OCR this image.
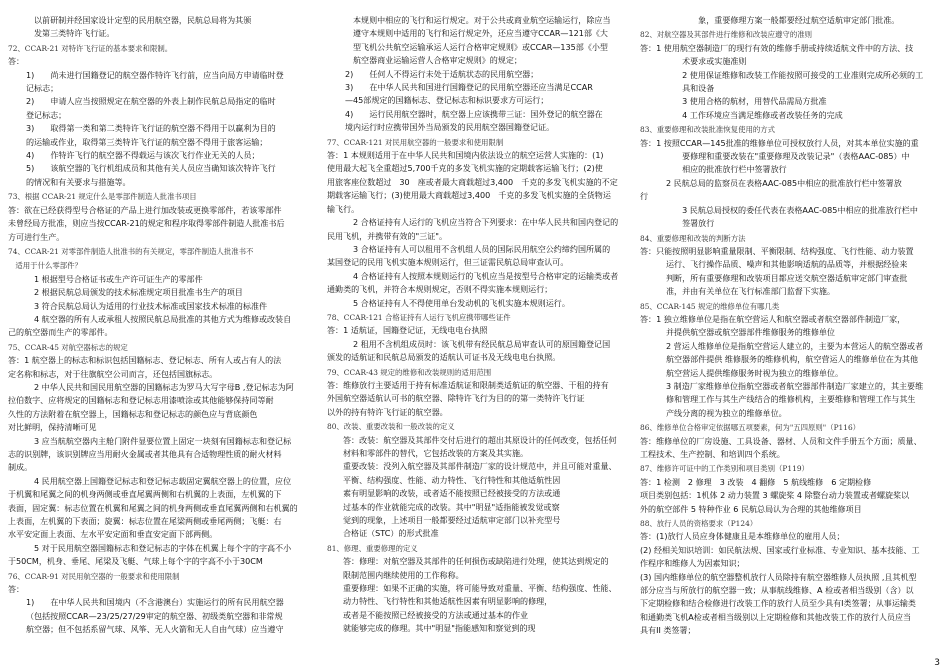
以前研制并经国家设计定型的民用航空器，民航总局将为其颁

发第三类特许飞行证。

72、CCAR-21 对特许飞行证的基本要求和限制。

答：

1)　　尚未进行国籍登记的航空器作特许飞行前，应当向局方申请临时登

记标志；

2)　　申请人应当按照规定在航空器的外表上制作民航总局指定的临时

登记标志；

3)　　取得第一类和第二类特许飞行证的航空器不得用于以赢利为目的

的运输或作业，取得第三类特许飞行证的航空器不得用于旅客运输；

4)　　作特许飞行的航空器不得载运与该次飞行作业无关的人员；

5)　　该航空器的飞行机组成员和其他有关人员应当确知该次特许飞行

的情况和有关要求与措施等。

73、根据 CCAR-21 规定什么是零部件制造人批准书项目

答：欲在已经获得型号合格证的产品上进行加改装或更换零部件，若该零部件

未曾经局方批准，则应当按CCAR-21的规定和程序取得零部件制造人批准书后

方可进行生产。

74、CCAR-21 对零部件制造人批准书的有关规定，零部件制造人批准书不

　适用于什么零部件？

1 根据型号合格证书或生产许可证生产的零部件

2 根据民航总局颁发的技术标准规定项目批准书生产的项目

3 符合民航总局认为适用的行业技术标准或国家技术标准的标准件

4 航空器的所有人或承租人按照民航总局批准的其他方式为维修或改装自

己的航空器而生产的零部件。

75、CCAR-45 对航空器标志的规定

答：1 航空器上的标志和标识包括国籍标志、登记标志、所有人或占有人的法

定名称和标志，对于往旗航空公司而言，还包括国旗标志。

2 中华人民共和国民用航空器的国籍标志为罗马大写字母B ,登记标志为阿

拉伯数字、应将规定的国籍标志和登记标志用漆喷涂或其他能够保持同等耐

久性的方法附着在航空器上，国籍标志和登记标志的颜色应与背底颜色

对比鲜明，保持清晰可见

3 应当航航空器内主舱门附件显要位置上固定一块刻有国籍标志和登记标

志的识别牌，该识别牌应当用耐火金属或者其他具有合适物理性质的耐火材料

制成。

4 民用航空器上国籍登记标志和登记标志载固定翼航空器上的位置，应位

于机翼和尾翼之间的机身两侧或垂直尾翼两侧和右机翼的上表面，左机翼的下

表面，固定翼：标志位置在机翼和尾翼之间的机身两侧或垂直尾翼两侧和右机翼的

上表面，左机翼的下表面；旋翼：标志位置在尾梁两侧或垂尾两侧；飞艇：右

水平安定面上表面、左水平安定面和垂直安定面下部两侧。

5 对于民用航空器国籍标志和登记标志的字体在机翼上每个字的字高不小

于50CM，机身、垂尾、尾梁及飞艇、气球上每个字的字高不小于30CM

76、CCAR-91 对民用航空器的一般要求和使用限制

答：

1)　　在中华人民共和国境内（不含港澳台）实施运行的所有民用航空器

（包括按照CCAR—23/25/27/29审定的航空器、初级类航空器和非常规

航空器；但不包括系留气球、风筝、无人火箭和无人自由气球）应当遵守

本规则中相应的飞行和运行规定。对于公共或商业航空运输运行，除应当

遵守本规则中适用的飞行和运行规定外，还应当遵守CCAR—121部《大

型飞机公共航空运输承运人运行合格审定规则》或CCAR—135部《小型

航空器商业运输运营人合格审定规则》的规定；

2)　　任何人不得运行未处于适航状态的民用航空器；

3)　　在中华人民共和国进行国籍登记的民用航空器还应当满足CCAR

—45部规定的国籍标志、登记标志和标识要求方可运行；

4)　　运行民用航空器时，航空器上应该携带三证：国外登记的航空器在

境内运行时应携带国外当局颁发的民用航空器国籍登记证。

77、CCAR-121 对民用航空器的一般要求和使用限制

答：1 本规则适用于在中华人民共和国境内依法设立的航空运营人实施的：(1)

使用最大起飞全重超过5,700千克的多发飞机实施的定期载客运输飞行；(2)使

用旅客座位数超过　30　座或者最大商载超过3,400　千克的多发飞机实施的不定

期载客运输飞行；(3)使用最大商载超过3,400　千克的多发飞机实施的全货物运

输飞行。

2 合格证持有人运行的飞机应当符合下列要求：在中华人民共和国内登记的

民用飞机，并携带有效的"三证"。

3 合格证持有人可以租用不含机组人员的国际民用航空公约缔约国所属的

某国登记的民用飞机实施本规则运行，但三证需民航总局审查认可。

4 合格证持有人按照本规则运行的飞机应当是按型号合格审定的运输类或者

通勤类的飞机，并符合本规则规定，否则不得实施本规则运行；

5 合格证持有人不得使用单台发动机的飞机实施本规则运行。

78、CCAR-121 合格证持有人运行飞机应携带哪些证件

答：1 适航证，国籍登记证，无线电电台执照

2 租用不含机组成员时：该飞机带有经民航总局审查认可的原国籍登记国

颁发的适航证和民航总局颁发的适航认可证书及无线电电台执照。

79、CCAR-43 规定的维修和改装规则的适用范围

答：维修放行主要适用于持有标准适航证和限制类适航证的航空器、干租的持有

外国航空器适航认可书的航空器、除特许飞行为目的的第一类特许飞行证

以外的持有特许飞行证的航空器。

80、改装、重要改装和一般改装的定义

答：改装：航空器及其部件交付后进行的超出其原设计的任何改变，包括任何

材料和零部件的替代，它包括改装的方案及其实施。

重要改装：没列入航空器及其部件制造厂家的设计规范中，并且可能对重量、

平衡、结构强度、性能、动力特性、飞行特性和其他适航性因

素有明显影响的改装，或者适不能按照已经被接受的方法或通

过基本的作业就能完成的改装。其中"明显"适指能被发觉或察

觉到的现象，上述项目一般都要经过适航审定部门以补充型号

合格证（STC）的形式批准

81、修理、重要修理的定义

答：修理：对航空器及其部件的任何损伤或缺陷进行处理，使其达到规定的

限制范围内继续使用的工作称称。

重要修理：如果不正确的实施，将可能导致对重量、平衡、结构强度、性能、

动力特性、飞行特性和其他适航性因素有明显影响的修理，

或者是不能按照已经被接受的方法或通过基本的作业

就能够完成的修理。其中"明显"指能感知和察觉到的现

　　　　象，重要修理方案一般都要经过航空适航审定部门批准。

82、对航空器及其部件进行维修和改装应遵守的准则

答：1 使用航空器制造厂的现行有效的维修手册或持续适航文件中的方法、技

　　术要求或实施准则

　　2 使用保证维修和改装工作能按照可接受的工业准则完成所必须的工

　　具和设备

　　3 使用合格的航材，用替代品需局方批准

　　4 工作环境应当满足维修或者改装任务的完成

83、重要修理和改装批准恢复使用的方式

答：1 按照CCAR—145批准的维修单位可授权放行人员，对其本单位实施的重

　　要修理和重要改装在"重要修理及改装记录"（表格AAC-085）中

　　相应的批准放行栏中签署放行

2 民航总局的监察员在表格AAC-085中相应的批准放行栏中签署放

行

　　3 民航总局授权的委任代表在表格AAC-085中相应的批准放行栏中

　　签署放行

84、重要修理和改装的判断方法

答：只能按照明显影响重量限制、平衡限制、结构强度、飞行性能、动力装置

运行、飞行操作品质、噪声和其他影响适航的品质等，并根据经验来

判断，所有重要修理和改装项目都应送交航空器适航审定部门审查批

准，并由有关单位在飞行标准部门监督下实施。

85、CCAR-145 规定的维修单位有哪几类

答：1 独立维修单位是指在航空营运人和航空器或者航空器部件制造厂家，

并提供航空器或航空器部件维修服务的维修单位

2 营运人维修单位是指航空营运人建立的，主要为本营运人的航空器或者

航空器部件提供 维修服务的维修机构，航空营运人的维修单位在为其他

航空营运人提供维修服务时视为独立的维修单位。

3 制造厂家维修单位指航空器或者航空器部件制造厂家建立的，其主要维

修和管理工作与其生产线结合的维修机构，主要维修和管理工作与其生

产线分离的视为独立的维修单位。

86、维修单位合格审定依据哪五项要素，何为"五四原则"（P116）

答：维修单位的厂房设施、工具设备、器材、人员和文件手册五个方面；质量、

工程技术、生产控制、和培训四个系统。

87、维修许可证中的工作类别和项目类别（P119）

答：1 检测　2 修理　3 改装　4 翻修　5 航线维修　6 定期检修

项目类别包括：1机体 2 动力装置 3 螺旋桨 4 除整台动力装置或者螺旋桨以

外的航空部件 5 特种作业 6 民航总局认为合理的其他维修项目

88、放行人员的资格要求（P124）

答：(1)放行人员应身体健康且是本维修单位的雇用人员；

(2) 经相关知识培训：如民航法规、国家或行业标准、专业知识、基本技能、工

作程序和维修人为因素知识；

(3) 国内维修单位的航空器整机放行人员除持有航空器维修人员执照 ,且其机型

部分应当与所放行的航空器一致；从事航线维修、A 检或者相当级别（含）以

下定期检修和结合检修进行改装工作的放行人员至少具有I类签署；从事运输类

和通勤类飞机A检或者相当级别以上定期检修和其他改装工作的放行人员应当

具有II 类签署；

3
